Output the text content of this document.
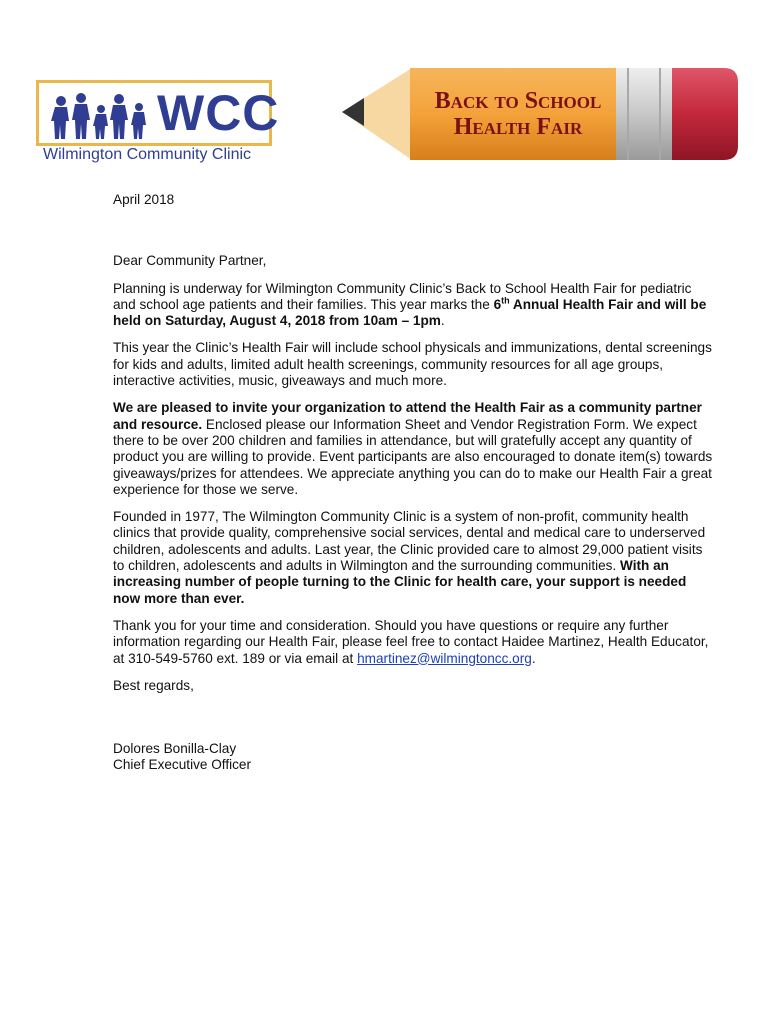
WCC
Wilmington Community Clinic
Back to School
Health Fair

April 2018

Dear Community Partner,

Planning is underway for Wilmington Community Clinic’s Back to School Health Fair for pediatric and school age patients and their families. This year marks the 6th Annual Health Fair and will be held on Saturday, August 4, 2018 from 10am – 1pm.

This year the Clinic’s Health Fair will include school physicals and immunizations, dental screenings for kids and adults, limited adult health screenings, community resources for all age groups, interactive activities, music, giveaways and much more.

We are pleased to invite your organization to attend the Health Fair as a community partner and resource. Enclosed please our Information Sheet and Vendor Registration Form. We expect there to be over 200 children and families in attendance, but will gratefully accept any quantity of product you are willing to provide. Event participants are also encouraged to donate item(s) towards giveaways/prizes for attendees. We appreciate anything you can do to make our Health Fair a great experience for those we serve.

Founded in 1977, The Wilmington Community Clinic is a system of non-profit, community health clinics that provide quality, comprehensive social services, dental and medical care to underserved children, adolescents and adults. Last year, the Clinic provided care to almost 29,000 patient visits to children, adolescents and adults in Wilmington and the surrounding communities. With an increasing number of people turning to the Clinic for health care, your support is needed now more than ever.

Thank you for your time and consideration. Should you have questions or require any further information regarding our Health Fair, please feel free to contact Haidee Martinez, Health Educator, at 310-549-5760 ext. 189 or via email at hmartinez@wilmingtoncc.org.

Best regards,

Dolores Bonilla-Clay

Chief Executive Officer
